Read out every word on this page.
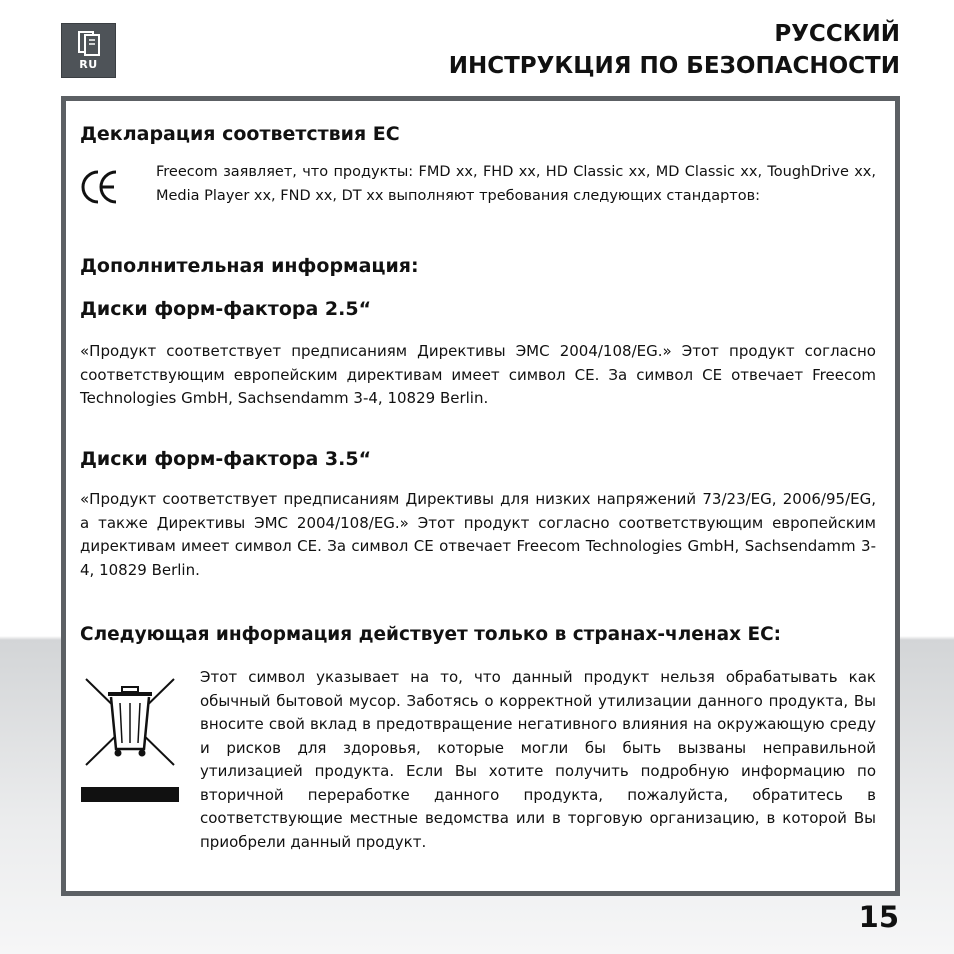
RU
РУССКИЙ
ИНСТРУКЦИЯ ПО БЕЗОПАСНОСТИ
Декларация соответствия ЕС

Freecom заявляет, что продукты: FMD xx, FHD xx, HD Classic xx, MD Classic xx, ToughDrive xx, Media Player xx, FND xx, DT xx выполняют требования следующих стандартов:

Дополнительная информация:
Диски форм-фактора 2.5“

«Продукт соответствует предписаниям Директивы ЭМС 2004/108/EG.» Этот продукт согласно соответствующим европейским директивам имеет символ CE. За символ CE отвечает Freecom Technologies GmbH, Sachsendamm 3-4, 10829 Berlin.

Диски форм-фактора 3.5“

«Продукт соответствует предписаниям Директивы для низких напряжений 73/23/EG, 2006/95/EG, а также Директивы ЭМС 2004/108/EG.» Этот продукт согласно соответствующим европейским директивам имеет символ CE. За символ CE отвечает Freecom Technologies GmbH, Sachsendamm 3-4, 10829 Berlin.

Следующая информация действует только в странах-членах ЕС:

Этот символ указывает на то, что данный продукт нельзя обрабатывать как обычный бытовой мусор. Заботясь о корректной утилизации данного продукта, Вы вносите свой вклад в предотвращение негативного влияния на окружающую среду и рисков для здоровья, которые могли бы быть вызваны неправильной утилизацией продукта. Если Вы хотите получить подробную информацию по вторичной переработке данного продукта, пожалуйста, обратитесь в соответствующие местные ведомства или в торговую организацию, в которой Вы приобрели данный продукт.

15
